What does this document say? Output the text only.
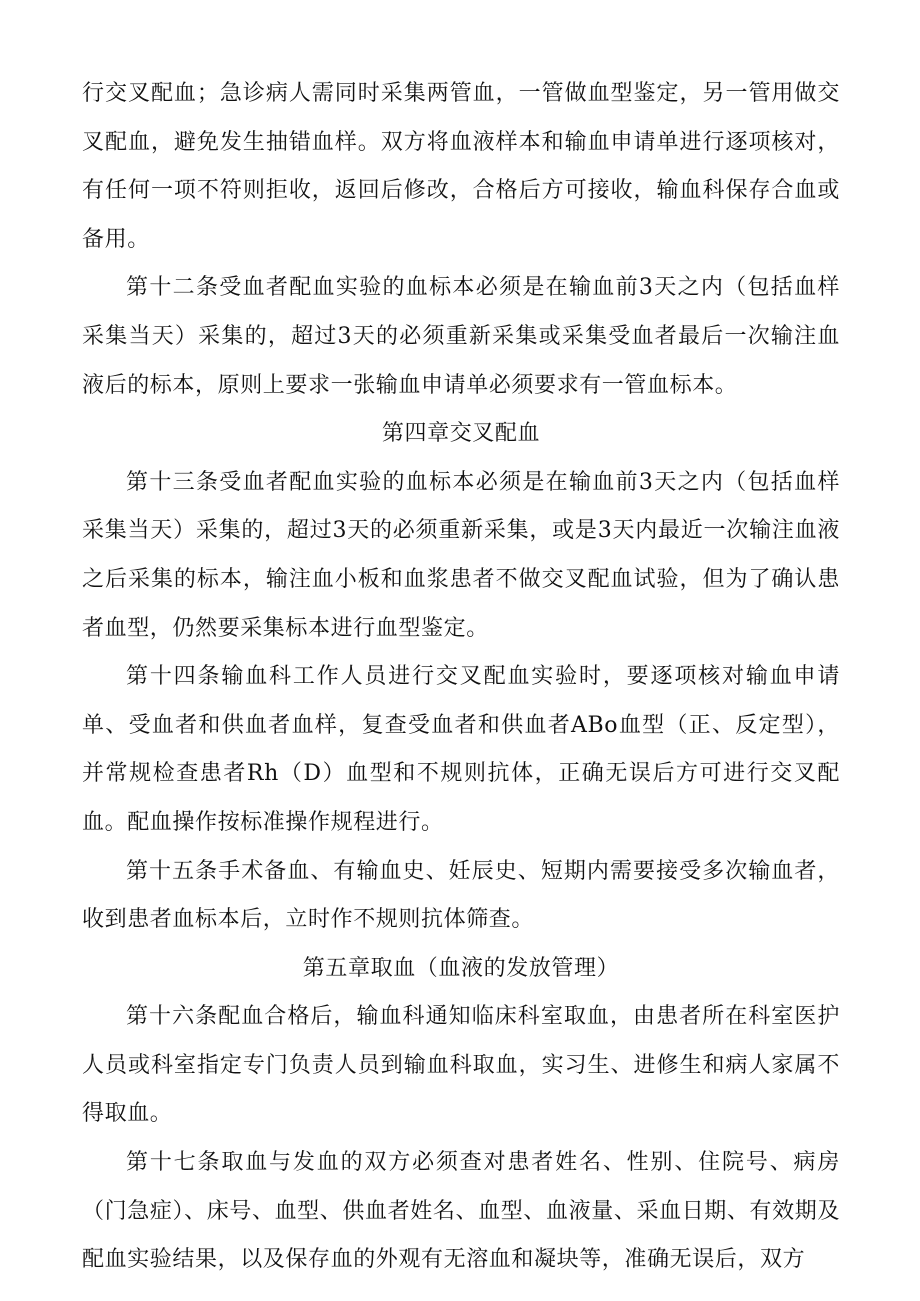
行交叉配血；急诊病人需同时采集两管血，一管做血型鉴定，另一管用做交叉配血，避免发生抽错血样。双方将血液样本和输血申请单进行逐项核对，有任何一项不符则拒收，返回后修改，合格后方可接收，输血科保存合血或备用。

第十二条受血者配血实验的血标本必须是在输血前3天之内（包括血样采集当天）采集的，超过3天的必须重新采集或采集受血者最后一次输注血液后的标本，原则上要求一张输血申请单必须要求有一管血标本。

第四章交叉配血

第十三条受血者配血实验的血标本必须是在输血前3天之内（包括血样采集当天）采集的，超过3天的必须重新采集，或是3天内最近一次输注血液之后采集的标本，输注血小板和血浆患者不做交叉配血试验，但为了确认患者血型，仍然要采集标本进行血型鉴定。

第十四条输血科工作人员进行交叉配血实验时，要逐项核对输血申请单、受血者和供血者血样，复查受血者和供血者ABo血型（正、反定型），并常规检查患者Rh（D）血型和不规则抗体，正确无误后方可进行交叉配血。配血操作按标准操作规程进行。

第十五条手术备血、有输血史、妊辰史、短期内需要接受多次输血者，收到患者血标本后，立时作不规则抗体筛查。

第五章取血（血液的发放管理）

第十六条配血合格后，输血科通知临床科室取血，由患者所在科室医护人员或科室指定专门负责人员到输血科取血，实习生、进修生和病人家属不得取血。

第十七条取血与发血的双方必须查对患者姓名、性别、住院号、病房（门急症）、床号、血型、供血者姓名、血型、血液量、采血日期、有效期及配血实验结果，以及保存血的外观有无溶血和凝块等，准确无误后，双方
